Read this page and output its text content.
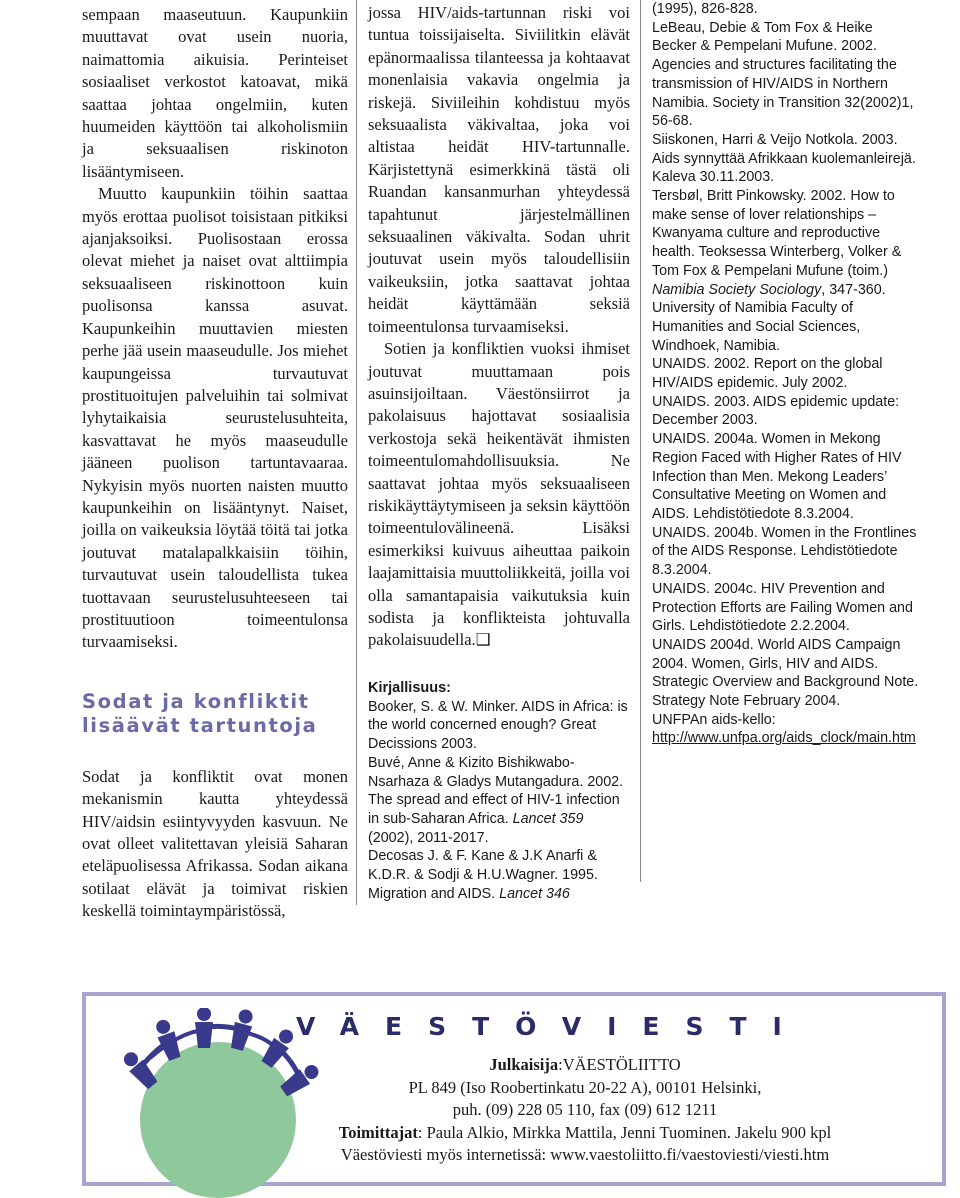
sempaan maaseutuun. Kaupunkiin muuttavat ovat usein nuoria, naimattomia aikuisia. Perinteiset sosiaaliset verkostot katoavat, mikä saattaa johtaa ongelmiin, kuten huumeiden käyttöön tai alkoholismiin ja seksuaalisen riskinoton lisääntymiseen.

Muutto kaupunkiin töihin saattaa myös erottaa puolisot toisistaan pitkiksi ajanjaksoiksi. Puolisostaan erossa olevat miehet ja naiset ovat alttiimpia seksuaaliseen riskinottoon kuin puolisonsa kanssa asuvat. Kaupunkeihin muuttavien miesten perhe jää usein maaseudulle. Jos miehet kaupungeissa turvautuvat prostituoitujen palveluihin tai solmivat lyhytaikaisia seurustelusuhteita, kasvattavat he myös maaseudulle jääneen puolison tartuntavaaraa. Nykyisin myös nuorten naisten muutto kaupunkeihin on lisääntynyt. Naiset, joilla on vaikeuksia löytää töitä tai jotka joutuvat matalapalkkaisiin töihin, turvautuvat usein taloudellista tukea tuottavaan seurustelusuhteeseen tai prostituutioon toimeentulonsa turvaamiseksi.

Sodat ja konfliktit
lisäävät tartuntoja

Sodat ja konfliktit ovat monen mekanismin kautta yhteydessä HIV/aidsin esiintyvyyden kasvuun. Ne ovat olleet valitettavan yleisiä Saharan eteläpuolisessa Afrikassa. Sodan aikana sotilaat elävät ja toimivat riskien keskellä toimintaympäristössä,

jossa HIV/aids-tartunnan riski voi tuntua toissijaiselta. Siviilitkin elävät epänormaalissa tilanteessa ja kohtaavat monenlaisia vakavia ongelmia ja riskejä. Siviileihin kohdistuu myös seksuaalista väkivaltaa, joka voi altistaa heidät HIV-tartunnalle. Kärjistettynä esimerkkinä tästä oli Ruandan kansanmurhan yhteydessä tapahtunut järjestelmällinen seksuaalinen väkivalta. Sodan uhrit joutuvat usein myös taloudellisiin vaikeuksiin, jotka saattavat johtaa heidät käyttämään seksiä toimeentulonsa turvaamiseksi.

Sotien ja konfliktien vuoksi ihmiset joutuvat muuttamaan pois asuinsijoiltaan. Väestönsiirrot ja pakolaisuus hajottavat sosiaalisia verkostoja sekä heikentävät ihmisten toimeentulomahdollisuuksia. Ne saattavat johtaa myös seksuaaliseen riskikäyttäytymiseen ja seksin käyttöön toimeentulovälineenä. Lisäksi esimerkiksi kuivuus aiheuttaa paikoin laajamittaisia muuttoliikkeitä, joilla voi olla samantapaisia vaikutuksia kuin sodista ja konflikteista johtuvalla pakolaisuudella.❑

Kirjallisuus:

Booker, S. & W. Minker. AIDS in Africa: is the world concerned enough? Great Decissions 2003.

Buvé, Anne & Kizito Bishikwabo-Nsarhaza & Gladys Mutangadura. 2002. The spread and effect of HIV-1 infection in sub-Saharan Africa. Lancet 359 (2002), 2011-2017.

Decosas J. & F. Kane & J.K Anarfi & K.D.R. & Sodji & H.U.Wagner. 1995. Migration and AIDS. Lancet 346

(1995), 826-828.

LeBeau, Debie & Tom Fox & Heike Becker & Pempelani Mufune. 2002. Agencies and structures facilitating the transmission of HIV/AIDS in Northern Namibia. Society in Transition 32(2002)1, 56-68.

Siiskonen, Harri & Veijo Notkola. 2003. Aids synnyttää Afrikkaan kuolemanleirejä. Kaleva 30.11.2003.

Tersbøl, Britt Pinkowsky. 2002. How to make sense of lover relationships – Kwanyama culture and reproductive health. Teoksessa Winterberg, Volker & Tom Fox & Pempelani Mufune (toim.) Namibia Society Sociology, 347-360. University of Namibia Faculty of Humanities and Social Sciences, Windhoek, Namibia.

UNAIDS. 2002. Report on the global HIV/AIDS epidemic. July 2002.

UNAIDS. 2003. AIDS epidemic update: December 2003.

UNAIDS. 2004a. Women in Mekong Region Faced with Higher Rates of HIV Infection than Men. Mekong Leaders’ Consultative Meeting on Women and AIDS. Lehdistötiedote 8.3.2004.

UNAIDS. 2004b. Women in the Frontlines of the AIDS Response. Lehdistötiedote 8.3.2004.

UNAIDS. 2004c. HIV Prevention and Protection Efforts are Failing Women and Girls. Lehdistötiedote 2.2.2004.

UNAIDS 2004d. World AIDS Campaign 2004. Women, Girls, HIV and AIDS. Strategic Overview and Background Note. Strategy Note February 2004.

UNFPAn aids-kello: http://www.unfpa.org/aids_clock/main.htm

VÄESTÖVIESTI

Julkaisija:VÄESTÖLIITTO

PL 849 (Iso Roobertinkatu 20-22 A), 00101 Helsinki,

puh. (09) 228 05 110, fax (09) 612 1211

Toimittajat: Paula Alkio, Mirkka Mattila, Jenni Tuominen. Jakelu 900 kpl

Väestöviesti myös internetissä: www.vaestoliitto.fi/vaestoviesti/viesti.htm
